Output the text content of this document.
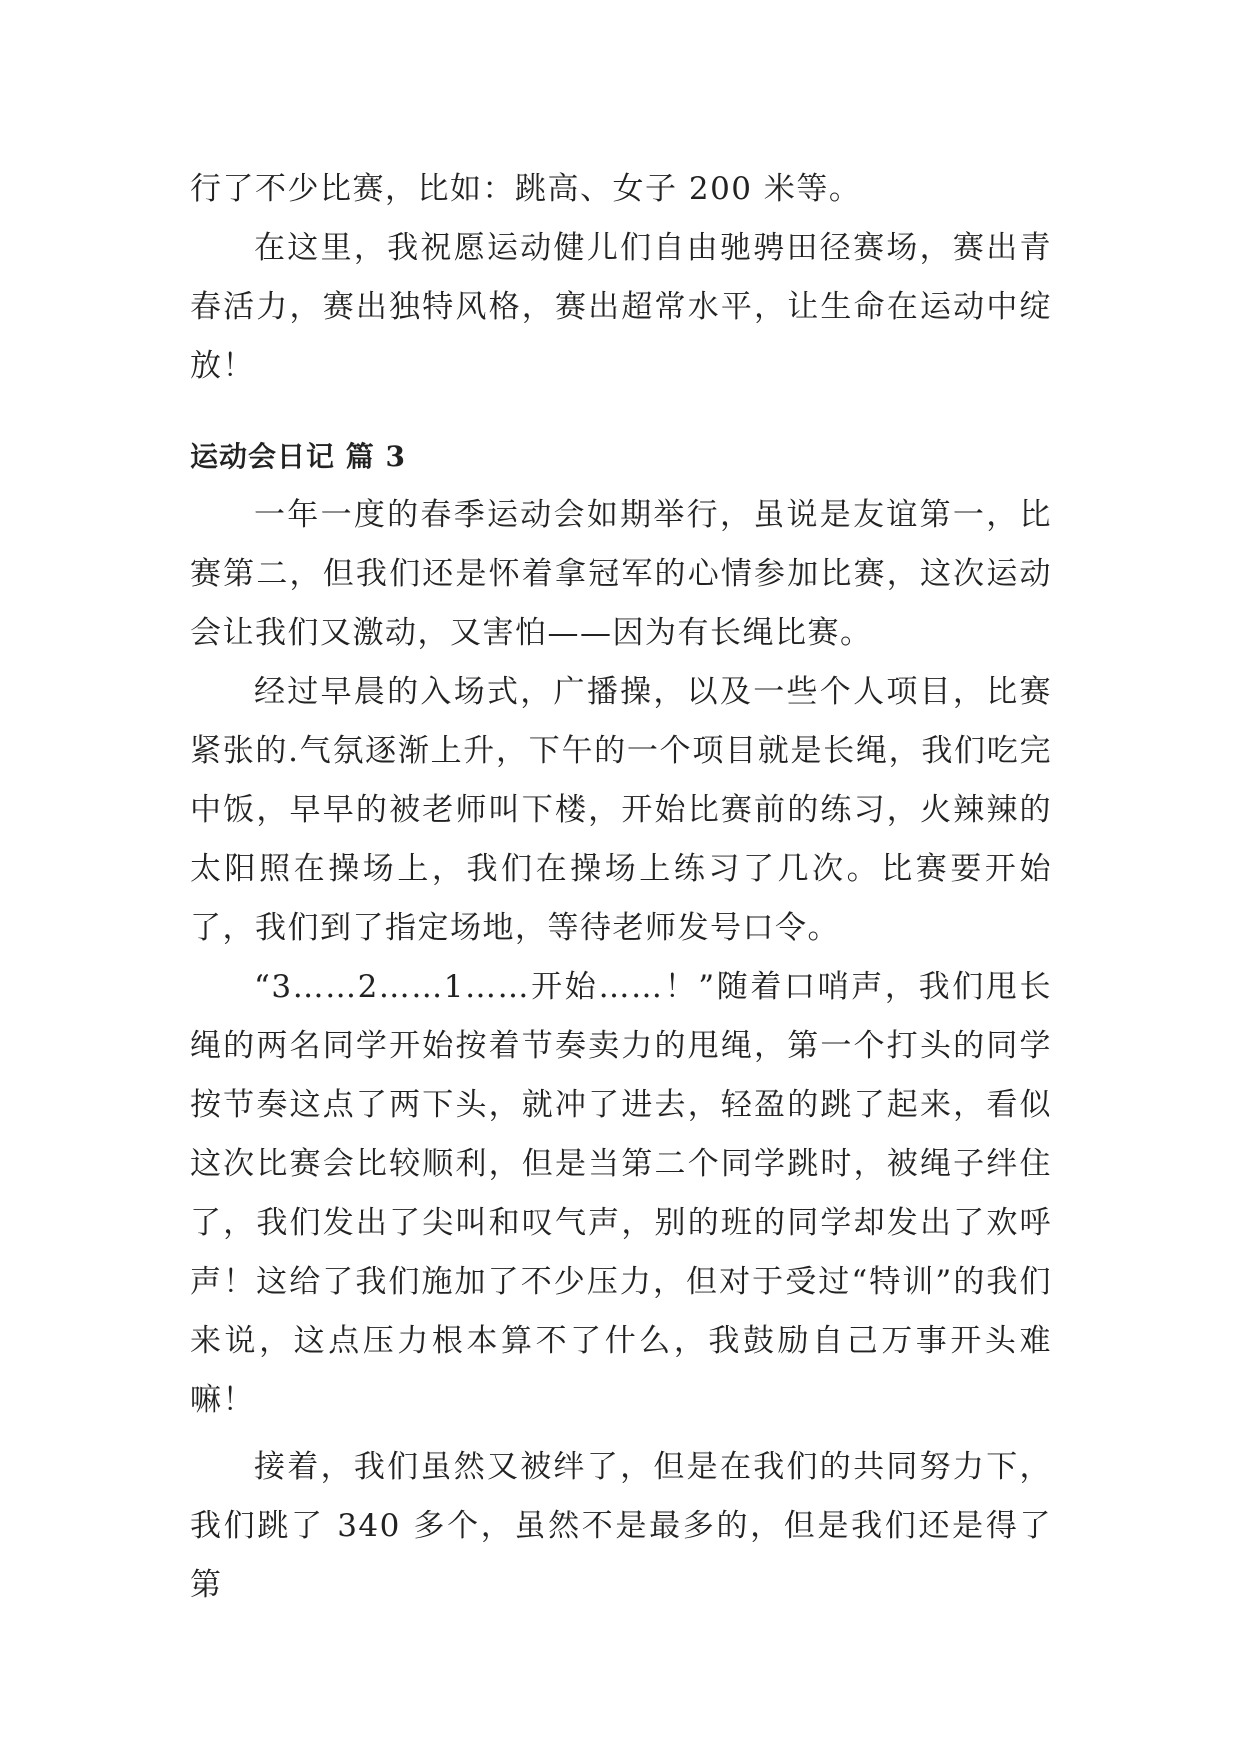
行了不少比赛，比如：跳高、女子 200 米等。

在这里，我祝愿运动健儿们自由驰骋田径赛场，赛出青春活力，赛出独特风格，赛出超常水平，让生命在运动中绽放！

运动会日记 篇 3

一年一度的春季运动会如期举行，虽说是友谊第一，比赛第二，但我们还是怀着拿冠军的心情参加比赛，这次运动会让我们又激动，又害怕——因为有长绳比赛。

经过早晨的入场式，广播操，以及一些个人项目，比赛紧张的.气氛逐渐上升，下午的一个项目就是长绳，我们吃完中饭，早早的被老师叫下楼，开始比赛前的练习，火辣辣的太阳照在操场上，我们在操场上练习了几次。比赛要开始了，我们到了指定场地，等待老师发号口令。

“3……2……1……开始……！”随着口哨声，我们甩长绳的两名同学开始按着节奏卖力的甩绳，第一个打头的同学按节奏这点了两下头，就冲了进去，轻盈的跳了起来，看似这次比赛会比较顺利，但是当第二个同学跳时，被绳子绊住了，我们发出了尖叫和叹气声，别的班的同学却发出了欢呼声！这给了我们施加了不少压力，但对于受过“特训”的我们来说，这点压力根本算不了什么，我鼓励自己万事开头难嘛！

接着，我们虽然又被绊了，但是在我们的共同努力下，我们跳了 340 多个，虽然不是最多的，但是我们还是得了第
